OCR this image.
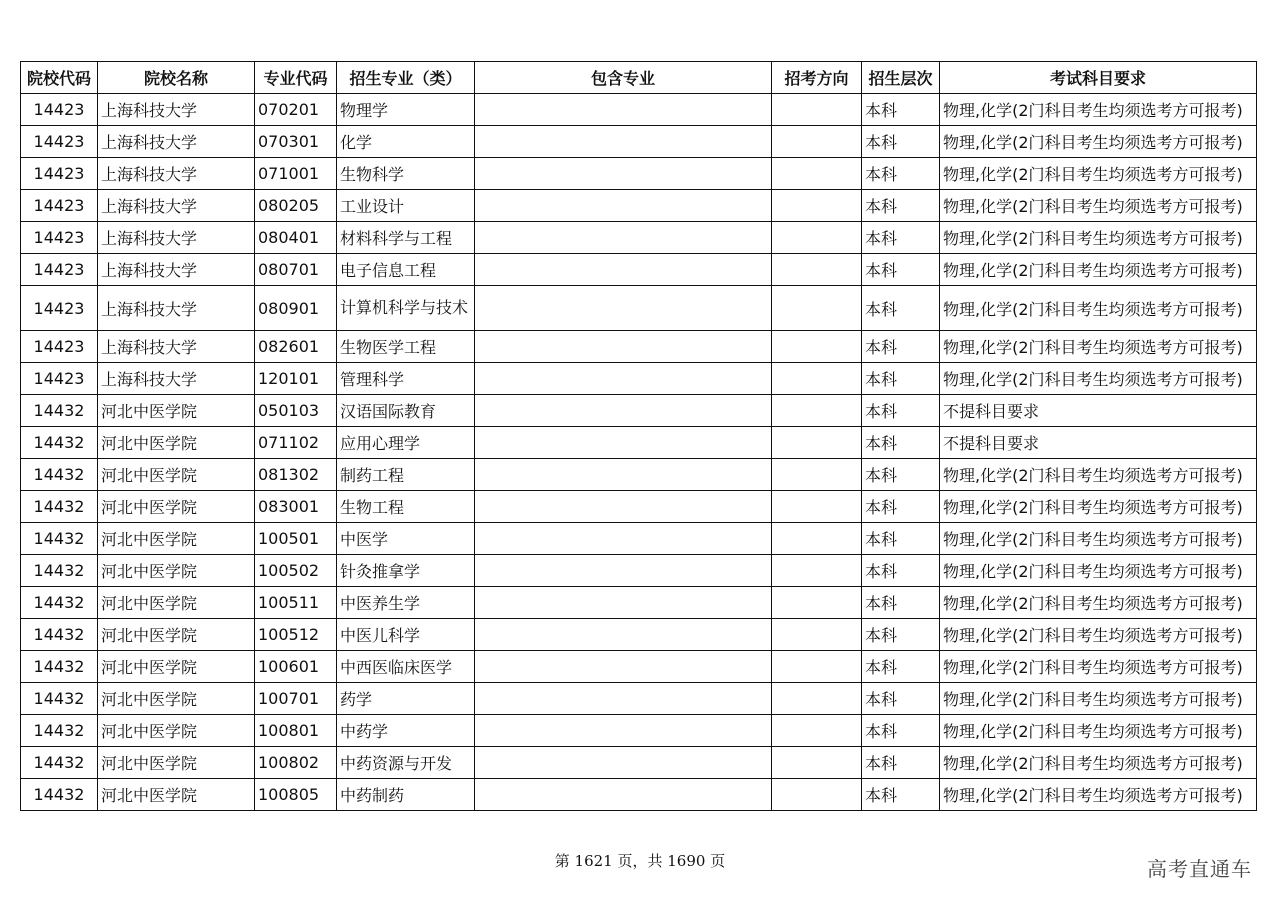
院校代码	院校名称	专业代码	招生专业（类）	包含专业	招考方向	招生层次	考试科目要求
14423	上海科技大学	070201	物理学			本科	物理,化学(2门科目考生均须选考方可报考)
14423	上海科技大学	070301	化学			本科	物理,化学(2门科目考生均须选考方可报考)
14423	上海科技大学	071001	生物科学			本科	物理,化学(2门科目考生均须选考方可报考)
14423	上海科技大学	080205	工业设计			本科	物理,化学(2门科目考生均须选考方可报考)
14423	上海科技大学	080401	材料科学与工程			本科	物理,化学(2门科目考生均须选考方可报考)
14423	上海科技大学	080701	电子信息工程			本科	物理,化学(2门科目考生均须选考方可报考)
14423	上海科技大学	080901	计算机科学与技术			本科	物理,化学(2门科目考生均须选考方可报考)
14423	上海科技大学	082601	生物医学工程			本科	物理,化学(2门科目考生均须选考方可报考)
14423	上海科技大学	120101	管理科学			本科	物理,化学(2门科目考生均须选考方可报考)
14432	河北中医学院	050103	汉语国际教育			本科	不提科目要求
14432	河北中医学院	071102	应用心理学			本科	不提科目要求
14432	河北中医学院	081302	制药工程			本科	物理,化学(2门科目考生均须选考方可报考)
14432	河北中医学院	083001	生物工程			本科	物理,化学(2门科目考生均须选考方可报考)
14432	河北中医学院	100501	中医学			本科	物理,化学(2门科目考生均须选考方可报考)
14432	河北中医学院	100502	针灸推拿学			本科	物理,化学(2门科目考生均须选考方可报考)
14432	河北中医学院	100511	中医养生学			本科	物理,化学(2门科目考生均须选考方可报考)
14432	河北中医学院	100512	中医儿科学			本科	物理,化学(2门科目考生均须选考方可报考)
14432	河北中医学院	100601	中西医临床医学			本科	物理,化学(2门科目考生均须选考方可报考)
14432	河北中医学院	100701	药学			本科	物理,化学(2门科目考生均须选考方可报考)
14432	河北中医学院	100801	中药学			本科	物理,化学(2门科目考生均须选考方可报考)
14432	河北中医学院	100802	中药资源与开发			本科	物理,化学(2门科目考生均须选考方可报考)
14432	河北中医学院	100805	中药制药			本科	物理,化学(2门科目考生均须选考方可报考)
第 1621 页，共 1690 页	高考直通车
